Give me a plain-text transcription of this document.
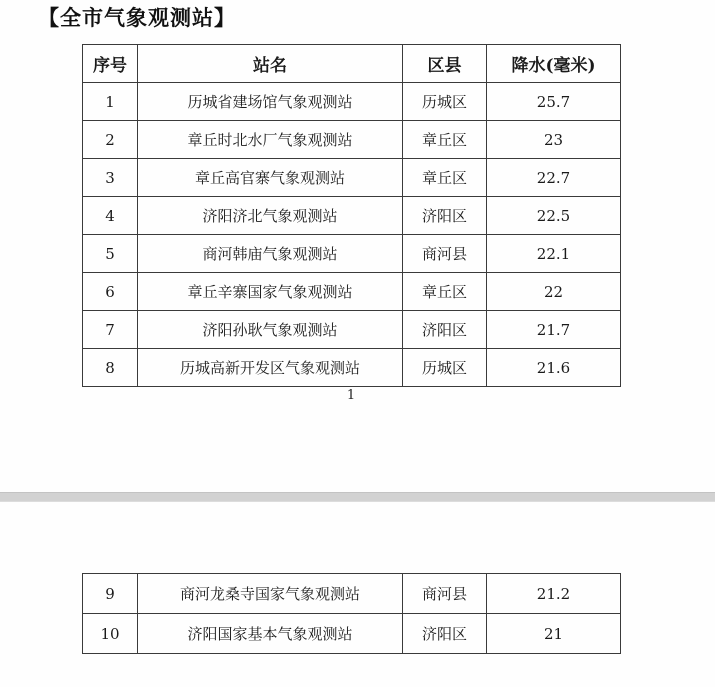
【全市气象观测站】
序号	站名	区县	降水(毫米)
1	历城省建场馆气象观测站	历城区	25.7
2	章丘时北水厂气象观测站	章丘区	23
3	章丘高官寨气象观测站	章丘区	22.7
4	济阳济北气象观测站	济阳区	22.5
5	商河韩庙气象观测站	商河县	22.1
6	章丘辛寨国家气象观测站	章丘区	22
7	济阳孙耿气象观测站	济阳区	21.7
8	历城高新开发区气象观测站	历城区	21.6
1
9	商河龙桑寺国家气象观测站	商河县	21.2
10	济阳国家基本气象观测站	济阳区	21
